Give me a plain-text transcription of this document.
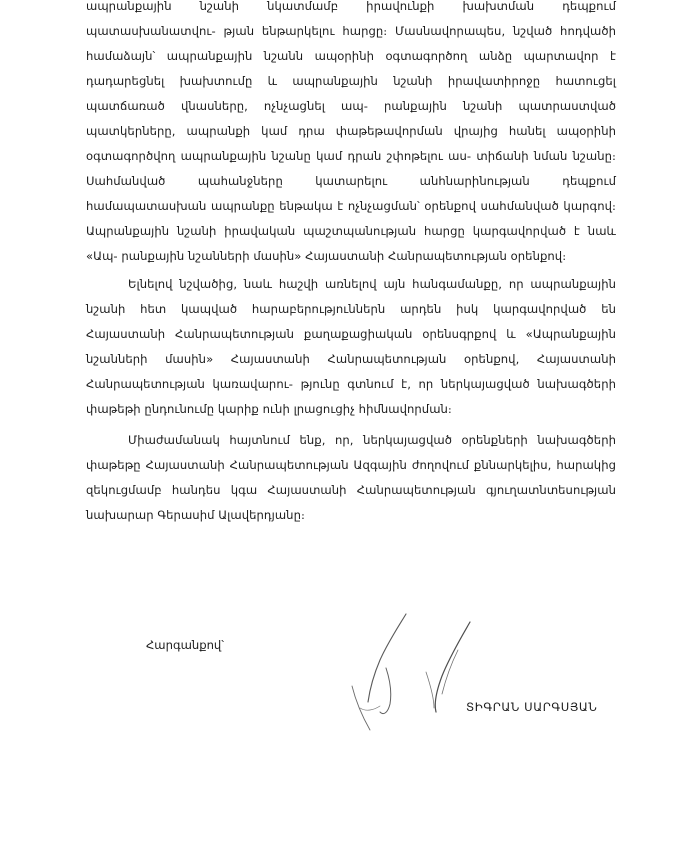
ապրանքային նշանի նկատմամբ իրավունքի խախտման դեպքում պատասխանատվու- թյան ենթարկելու հարցը։ Մասնավորապես, նշված հոդվածի համաձայն՝ ապրանքային նշանն ապօրինի օգտագործող անձը պարտավոր է դադարեցնել խախտումը և ապրանքային նշանի իրավատիրոջը հատուցել պատճառած վնասները, ոչնչացնել ապ- րանքային նշանի պատրաստված պատկերները, ապրանքի կամ դրա փաթեթավորման վրայից հանել ապօրինի օգտագործվող ապրանքային նշանը կամ դրան շփոթելու աս- տիճանի նման նշանը։ Սահմանված պահանջները կատարելու անհնարինության դեպքում համապատասխան ապրանքը ենթակա է ոչնչացման՝ օրենքով սահմանված կարգով։ Ապրանքային նշանի իրավական պաշտպանության հարցը կարգավորված է նաև «Ապ- րանքային նշանների մասին» Հայաստանի Հանրապետության օրենքով։

Ելնելով նշվածից, նաև հաշվի առնելով այն հանգամանքը, որ ապրանքային նշանի հետ կապված հարաբերություններն արդեն իսկ կարգավորված են Հայաստանի Հանրապետության քաղաքացիական օրենսգրքով և «Ապրանքային նշանների մասին» Հայաստանի Հանրապետության օրենքով, Հայաստանի Հանրապետության կառավարու- թյունը գտնում է, որ ներկայացված նախագծերի փաթեթի ընդունումը կարիք ունի լրացուցիչ հիմնավորման։

Միաժամանակ հայտնում ենք, որ, ներկայացված օրենքների նախագծերի փաթեթը Հայաստանի Հանրապետության Ազգային ժողովում քննարկելիս, հարակից զեկուցմամբ հանդես կգա Հայաստանի Հանրապետության գյուղատնտեսության նախարար Գերասիմ Ալավերդյանը։

Հարգանքով՝
ՏԻԳՐԱՆ ՍԱՐԳՍՅԱՆ
